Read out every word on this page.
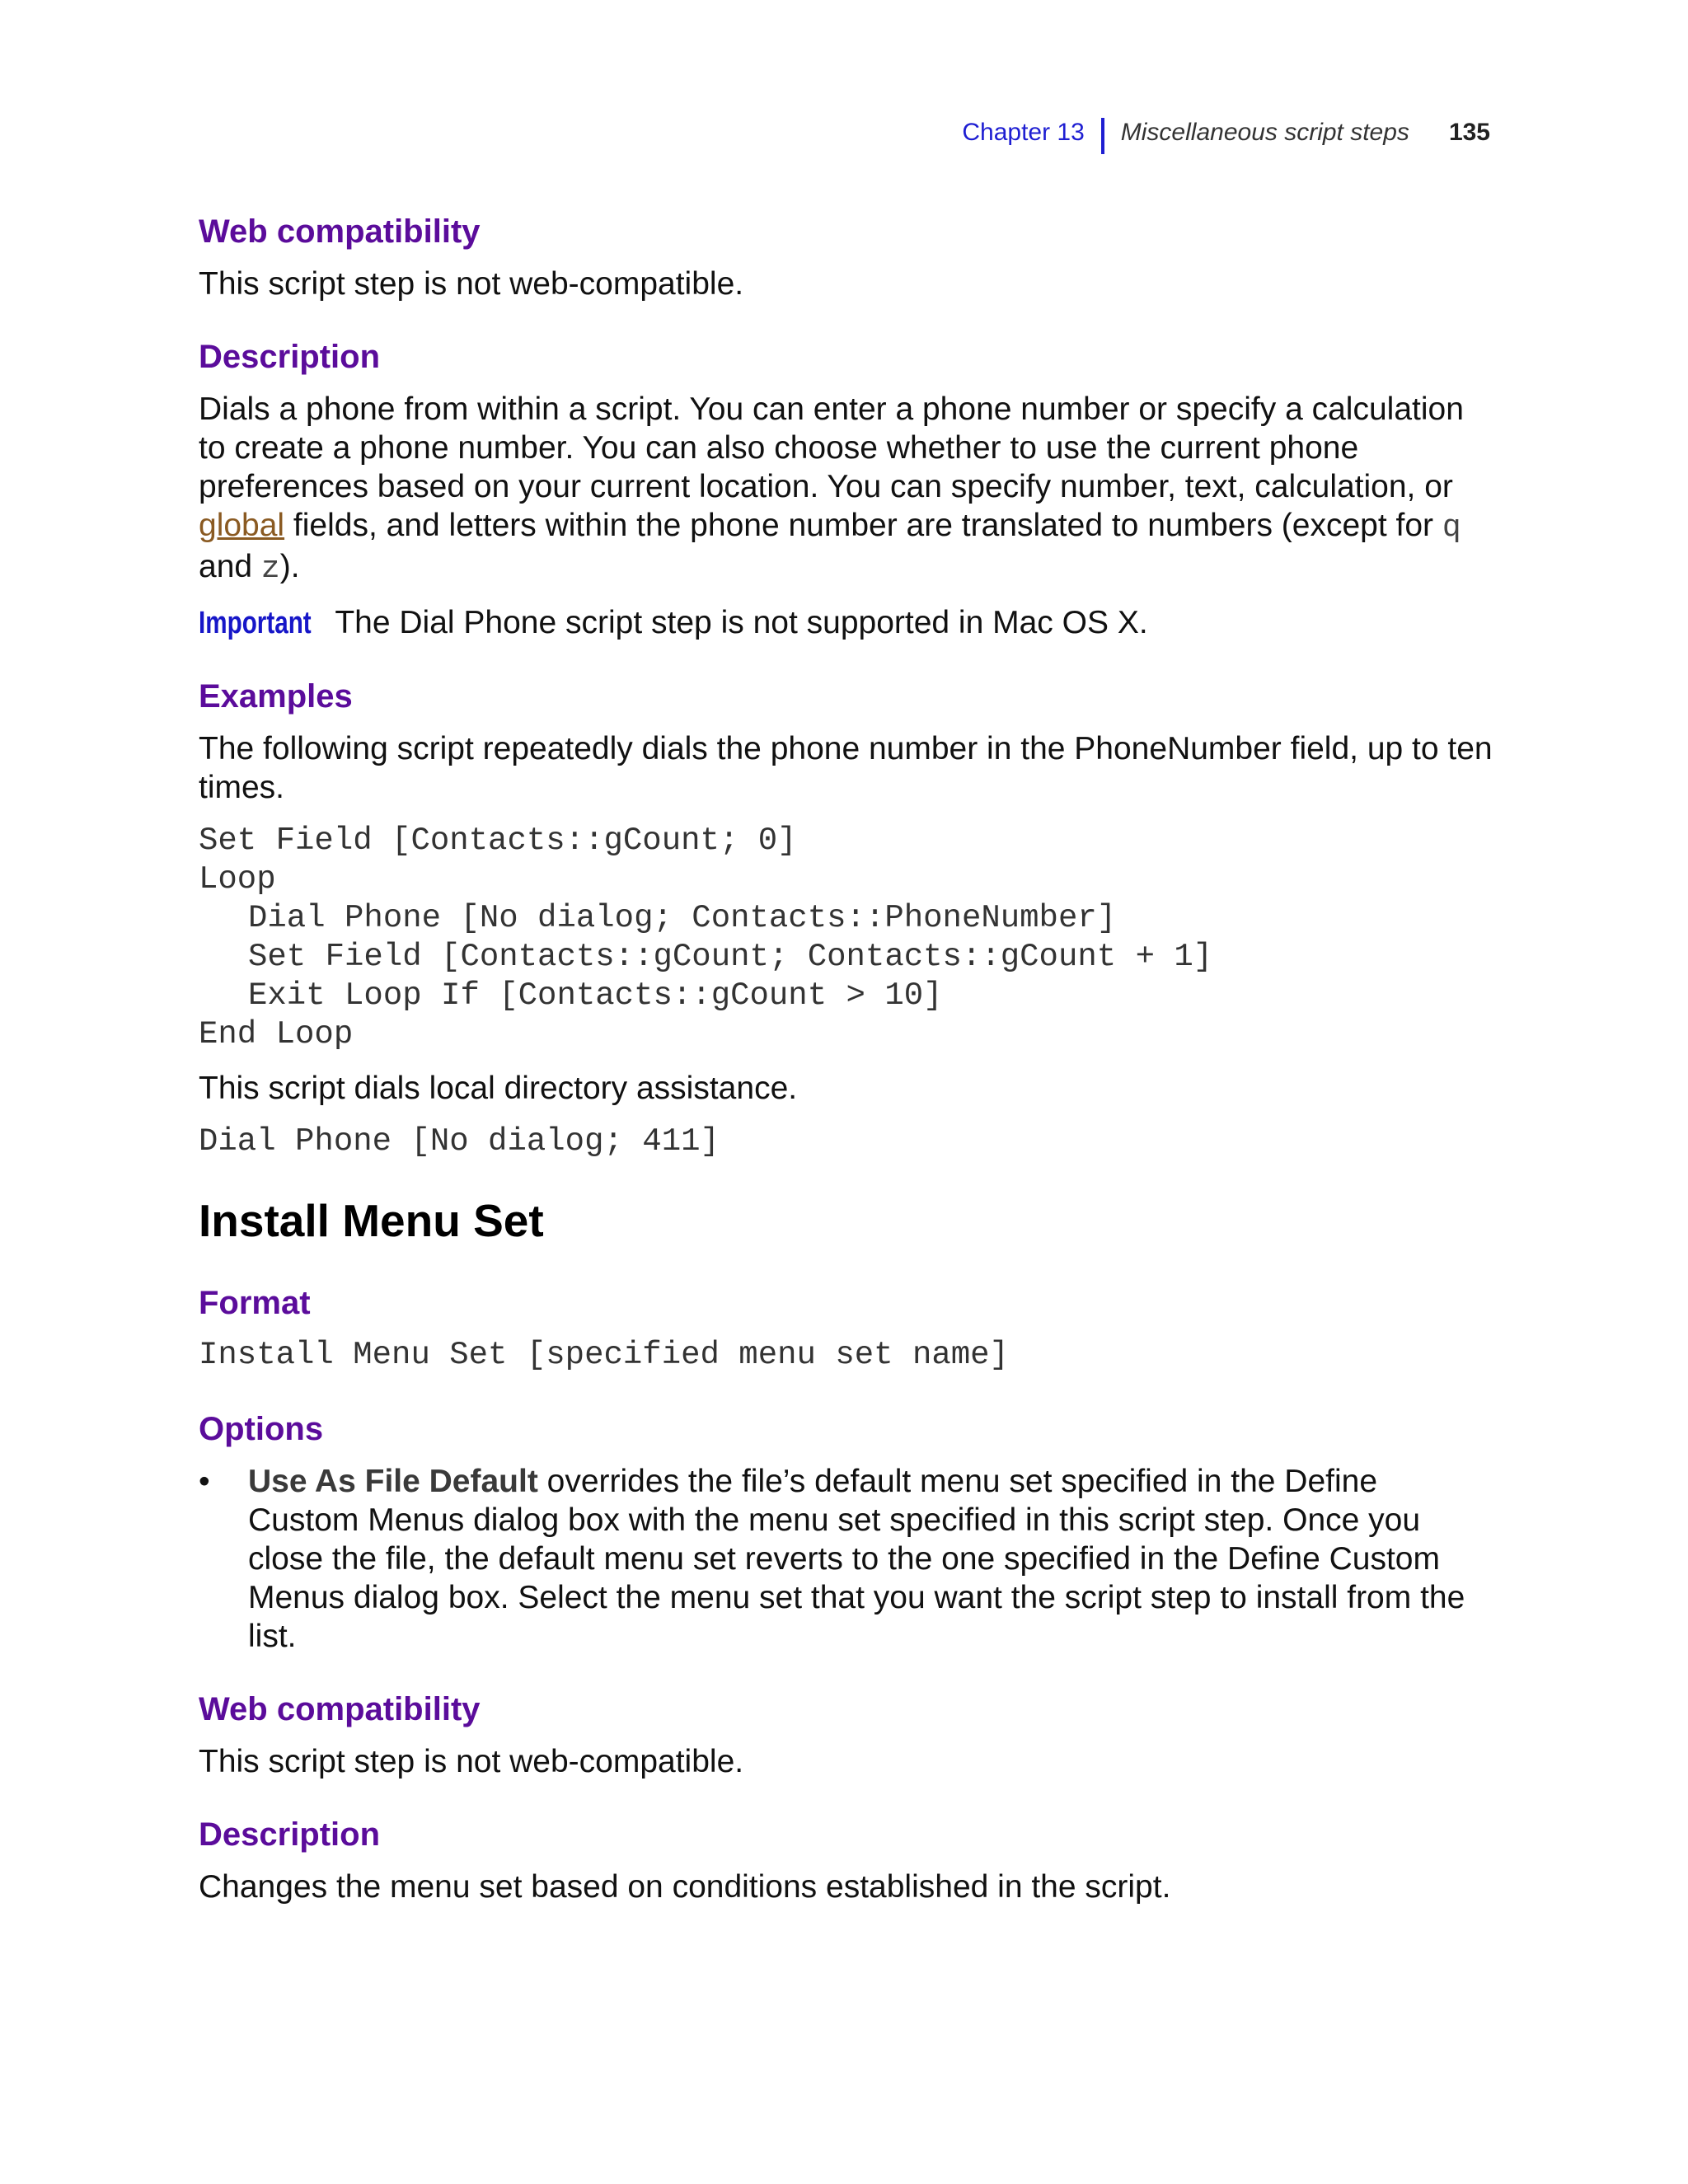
Chapter 13 Miscellaneous script steps 135
Web compatibility
This script step is not web-compatible.
Description
Dials a phone from within a script. You can enter a phone number or specify a calculation to create a phone number. You can also choose whether to use the current phone preferences based on your current location. You can specify number, text, calculation, or global fields, and letters within the phone number are translated to numbers (except for q and z).
Important The Dial Phone script step is not supported in Mac OS X.
Examples
The following script repeatedly dials the phone number in the PhoneNumber field, up to ten times.
Set Field [Contacts::gCount; 0]
Loop
Dial Phone [No dialog; Contacts::PhoneNumber]
Set Field [Contacts::gCount; Contacts::gCount + 1]
Exit Loop If [Contacts::gCount > 10]
End Loop
This script dials local directory assistance.
Dial Phone [No dialog; 411]
Install Menu Set
Format
Install Menu Set [specified menu set name]
Options
•	Use As File Default overrides the file’s default menu set specified in the Define Custom Menus dialog box with the menu set specified in this script step. Once you close the file, the default menu set reverts to the one specified in the Define Custom Menus dialog box. Select the menu set that you want the script step to install from the list.
Web compatibility
This script step is not web-compatible.
Description
Changes the menu set based on conditions established in the script.
